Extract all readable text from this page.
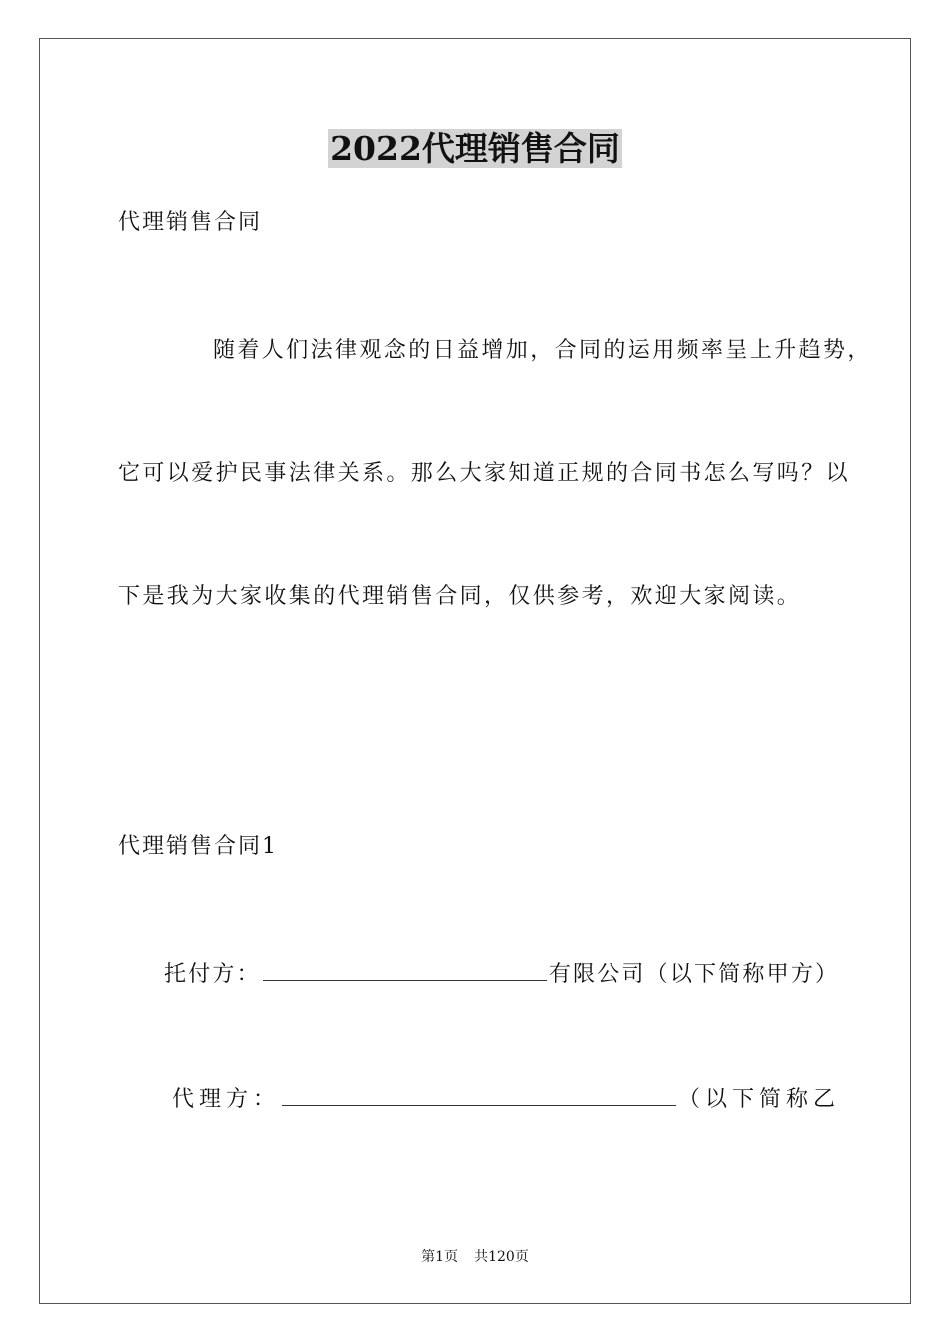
2022代理销售合同
代理销售合同
随着人们法律观念的日益增加，合同的运用频率呈上升趋势，
它可以爱护民事法律关系。那么大家知道正规的合同书怎么写吗？以
下是我为大家收集的代理销售合同，仅供参考，欢迎大家阅读。
代理销售合同1
托付方：	有限公司（以下简称甲方）
代理方：	（以下简称乙
第1页 共120页
